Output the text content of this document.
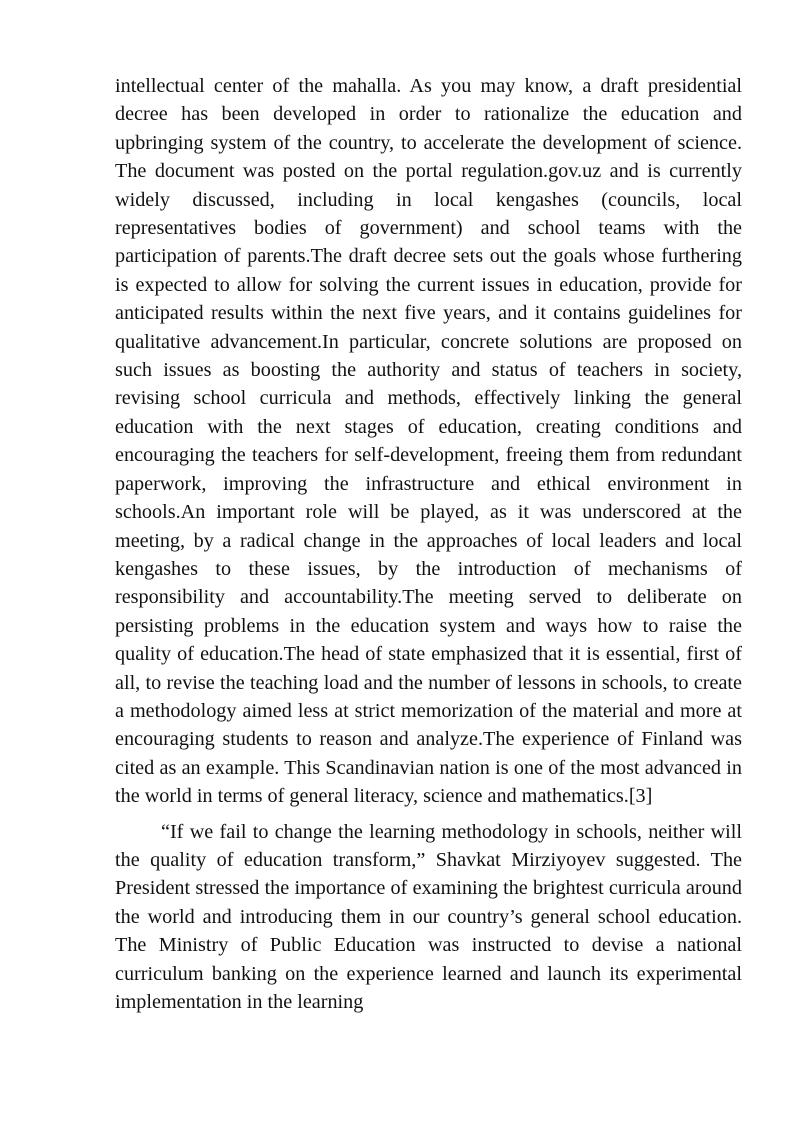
intellectual center of the mahalla. As you may know, a draft presidential decree has been developed in order to rationalize the education and upbringing system of the country, to accelerate the development of science. The document was posted on the portal regulation.gov.uz and is currently widely discussed, including in local kengashes (councils, local representatives bodies of government) and school teams with the participation of parents.The draft decree sets out the goals whose furthering is expected to allow for solving the current issues in education, provide for anticipated results within the next five years, and it contains guidelines for qualitative advancement.In particular, concrete solutions are proposed on such issues as boosting the authority and status of teachers in society, revising school curricula and methods, effectively linking the general education with the next stages of education, creating conditions and encouraging the teachers for self-development, freeing them from redundant paperwork, improving the infrastructure and ethical environment in schools.An important role will be played, as it was underscored at the meeting, by a radical change in the approaches of local leaders and local kengashes to these issues, by the introduction of mechanisms of responsibility and accountability.The meeting served to deliberate on persisting problems in the education system and ways how to raise the quality of education.The head of state emphasized that it is essential, first of all, to revise the teaching load and the number of lessons in schools, to create a methodology aimed less at strict memorization of the material and more at encouraging students to reason and analyze.The experience of Finland was cited as an example. This Scandinavian nation is one of the most advanced in the world in terms of general literacy, science and mathematics.[3]

“If we fail to change the learning methodology in schools, neither will the quality of education transform,” Shavkat Mirziyoyev suggested. The President stressed the importance of examining the brightest curricula around the world and introducing them in our country’s general school education. The Ministry of Public Education was instructed to devise a national curriculum banking on the experience learned and launch its experimental implementation in the learning
